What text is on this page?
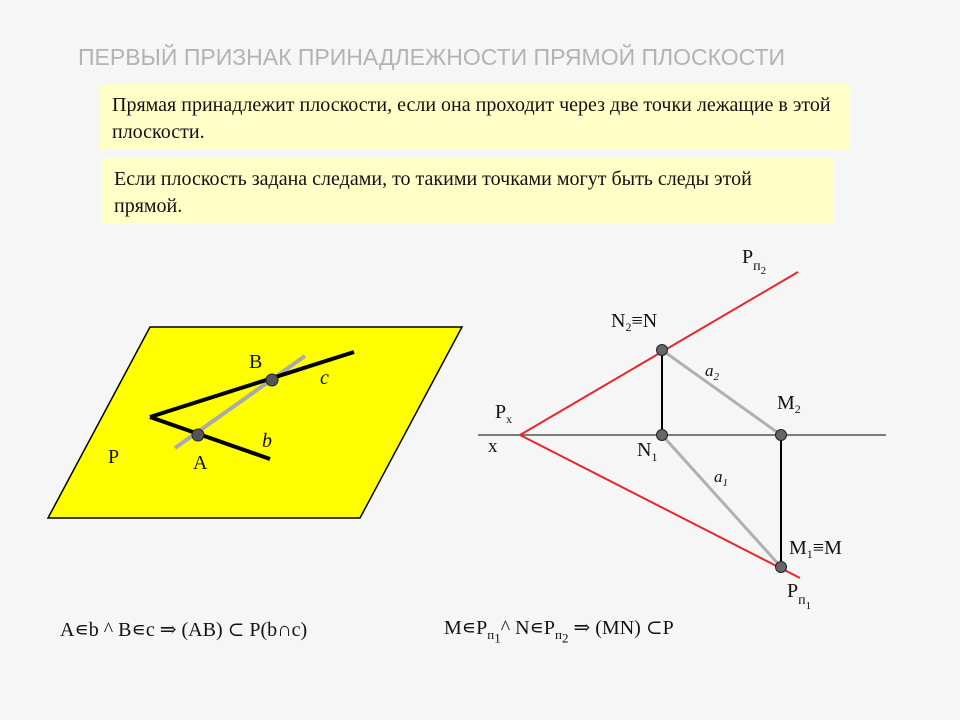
ПЕРВЫЙ ПРИЗНАК ПРИНАДЛЕЖНОСТИ ПРЯМОЙ ПЛОСКОСТИ
Прямая принадлежит плоскости, если она проходит через две точки лежащие в этой плоскости.
Если плоскость задана следами, то такими точками могут быть следы этой прямой.
B
c
b
A
P
$P_{п2}$
$N_2\equiv N$
$a_2$
$M_2$
$P_x$
x	$N_1$
$a_1$
$M_1\equiv M$
$P_{п1}$
A∊b ^ B∊c ⇒ (AB) ⊂ P(b∩c)	$M∊P_{п_1}\^{}$ $N∊P_{п_2}$ ⇒ (MN) ⊂P
